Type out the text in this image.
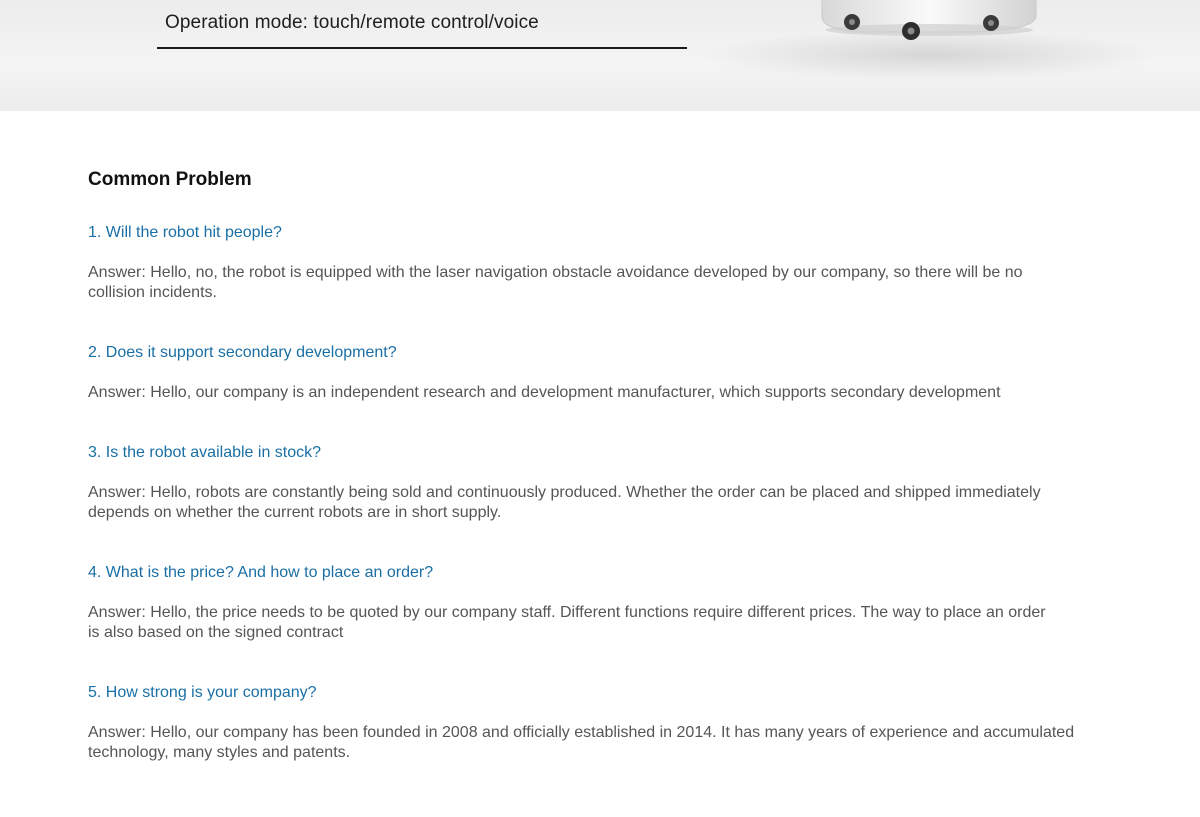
Operation mode: touch/remote control/voice
Common Problem
1. Will the robot hit people?
Answer: Hello, no, the robot is equipped with the laser navigation obstacle avoidance developed by our company, so there will be no
collision incidents.
2. Does it support secondary development?
Answer: Hello, our company is an independent research and development manufacturer, which supports secondary development
3. Is the robot available in stock?
Answer: Hello, robots are constantly being sold and continuously produced. Whether the order can be placed and shipped immediately
depends on whether the current robots are in short supply.
4. What is the price? And how to place an order?
Answer: Hello, the price needs to be quoted by our company staff. Different functions require different prices. The way to place an order
is also based on the signed contract
5. How strong is your company?
Answer: Hello, our company has been founded in 2008 and officially established in 2014. It has many years of experience and accumulated
technology, many styles and patents.
